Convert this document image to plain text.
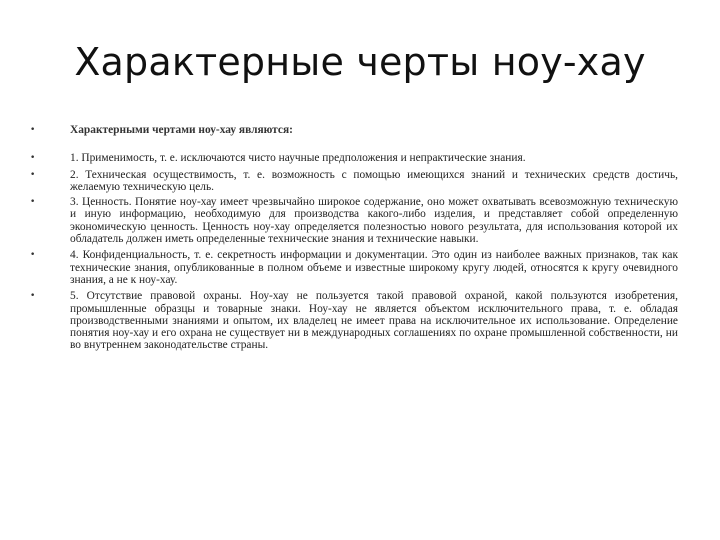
Характерные черты ноу-хау
•	Характерными чертами ноу-хау являются:
•	1. Применимость, т. е. исключаются чисто научные предположения и непрактические знания.
•	2. Техническая осуществимость, т. е. возможность с помощью имеющихся знаний и технических средств достичь, желаемую техническую цель.
•	3. Ценность. Понятие ноу-хау имеет чрезвычайно широкое содержание, оно может охватывать всевозможную техническую и иную информацию, необходимую для производства какого-либо изделия, и представляет собой определенную экономическую ценность. Ценность ноу-хау определяется полезностью нового результата, для использования которой их обладатель должен иметь определенные технические знания и технические навыки.
•	4. Конфиденциальность, т. е. секретность информации и документации. Это один из наиболее важных признаков, так как технические знания, опубликованные в полном объеме и известные широкому кругу людей, относятся к кругу очевидного знания, а не к ноу-хау.
•	5. Отсутствие правовой охраны. Ноу-хау не пользуется такой правовой охраной, какой пользуются изобретения, промышленные образцы и товарные знаки. Ноу-хау не является объектом исключительного права, т. е. обладая производственными знаниями и опытом, их владелец не имеет права на исключительное их использование. Определение понятия ноу-хау и его охрана не существует ни в международных соглашениях по охране промышленной собственности, ни во внутреннем законодательстве страны.
